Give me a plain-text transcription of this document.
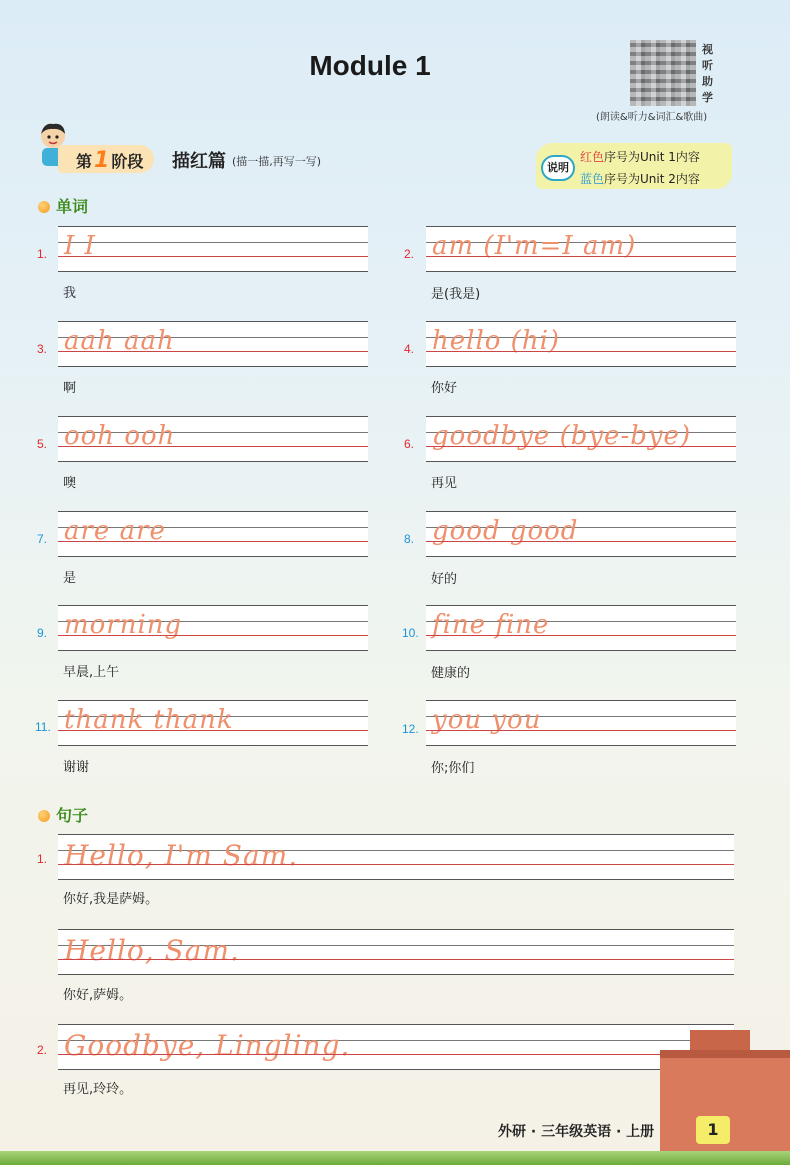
Module 1
视
听
助
学
(朗读&听力&词汇&歌曲)
第1 阶段 描红篇 (描一描,再写一写)	说明
红色序号为Unit 1内容
蓝色序号为Unit 2内容
单词
1. I I
我
2. am (I'm=I am)
是(我是)
3. aah aah
啊
4. hello (hi)
你好
5. ooh ooh
噢
6. goodbye (bye-bye)
再见
7. are are
是
8. good good
好的
9. morning
早晨,上午
10. fine fine
健康的
11. thank thank
谢谢
12. you you
你;你们
句子
1. Hello, I'm Sam.
你好,我是萨姆。
Hello, Sam.
你好,萨姆。
2. Goodbye, Lingling.
再见,玲玲。
外研 · 三年级英语 · 上册	1
